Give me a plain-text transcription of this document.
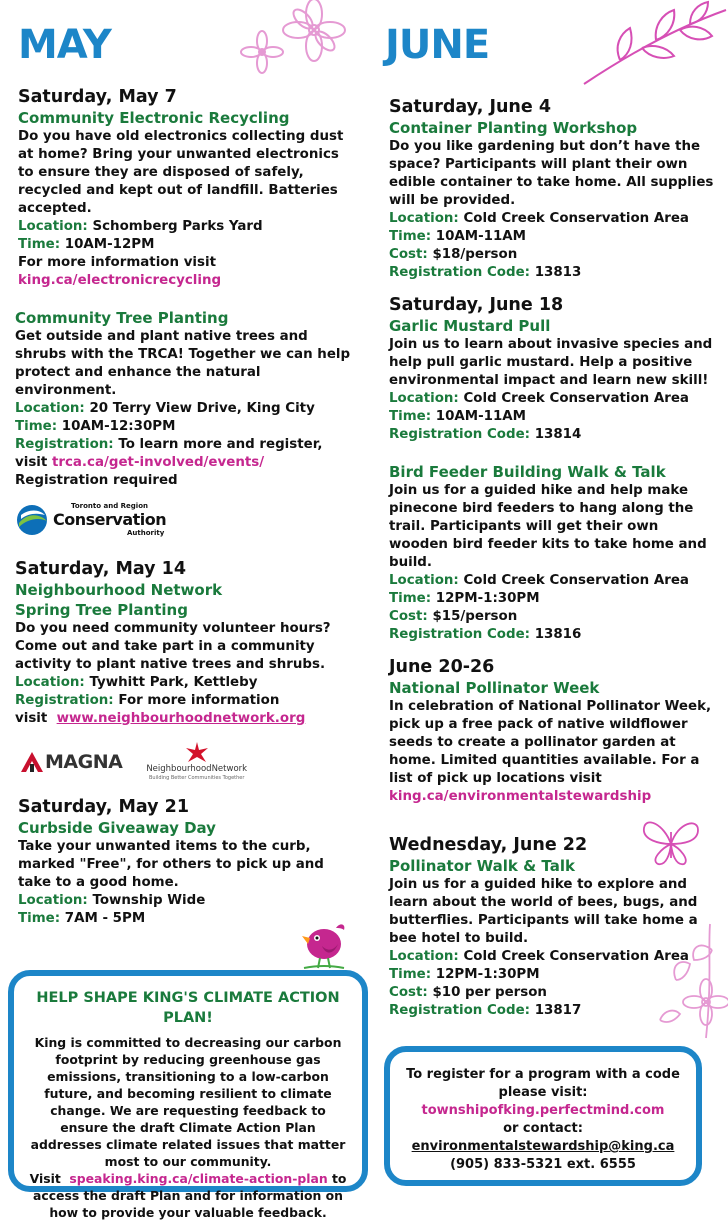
MAY	JUNE
Saturday, May 7
Community Electronic Recycling
Do you have old electronics collecting dust at home? Bring your unwanted electronics to ensure they are disposed of safely, recycled and kept out of landfill. Batteries accepted.
Location: Schomberg Parks Yard
Time: 10AM-12PM
For more information visit
king.ca/electronicrecycling
Community Tree Planting
Get outside and plant native trees and shrubs with the TRCA! Together we can help protect and enhance the natural environment.
Location: 20 Terry View Drive, King City
Time: 10AM-12:30PM
Registration: To learn more and register, visit trca.ca/get-involved/events/
Registration required
Toronto and Region
Conservation
Authority
Saturday, May 14
Neighbourhood Network
Spring Tree Planting
Do you need community volunteer hours? Come out and take part in a community activity to plant native trees and shrubs.
Location: Tywhitt Park, Kettleby
Registration: For more information
visit www.neighbourhoodnetwork.org
MAGNA	NeighbourhoodNetwork
Building Better Communities Together
Saturday, May 21
Curbside Giveaway Day
Take your unwanted items to the curb, marked "Free", for others to pick up and take to a good home.
Location: Township Wide
Time: 7AM - 5PM
HELP SHAPE KING'S CLIMATE ACTION PLAN!
King is committed to decreasing our carbon footprint by reducing greenhouse gas emissions, transitioning to a low-carbon future, and becoming resilient to climate change. We are requesting feedback to ensure the draft Climate Action Plan addresses climate related issues that matter most to our community.
Visit speaking.king.ca/climate-action-plan to access the draft Plan and for information on how to provide your valuable feedback.
Saturday, June 4
Container Planting Workshop
Do you like gardening but don’t have the space? Participants will plant their own edible container to take home. All supplies will be provided.
Location: Cold Creek Conservation Area
Time: 10AM-11AM
Cost: $18/person
Registration Code: 13813
Saturday, June 18
Garlic Mustard Pull
Join us to learn about invasive species and help pull garlic mustard. Help a positive environmental impact and learn new skill!
Location: Cold Creek Conservation Area
Time: 10AM-11AM
Registration Code: 13814
Bird Feeder Building Walk & Talk
Join us for a guided hike and help make pinecone bird feeders to hang along the trail. Participants will get their own wooden bird feeder kits to take home and build.
Location: Cold Creek Conservation Area
Time: 12PM-1:30PM
Cost: $15/person
Registration Code: 13816
June 20-26
National Pollinator Week
In celebration of National Pollinator Week, pick up a free pack of native wildflower seeds to create a pollinator garden at home. Limited quantities available. For a list of pick up locations visit
king.ca/environmentalstewardship
Wednesday, June 22
Pollinator Walk & Talk
Join us for a guided hike to explore and learn about the world of bees, bugs, and butterflies. Participants will take home a bee hotel to build.
Location: Cold Creek Conservation Area
Time: 12PM-1:30PM
Cost: $10 per person
Registration Code: 13817
To register for a program with a code please visit:
townshipofking.perfectmind.com
or contact:
environmentalstewardship@king.ca
(905) 833-5321 ext. 6555
